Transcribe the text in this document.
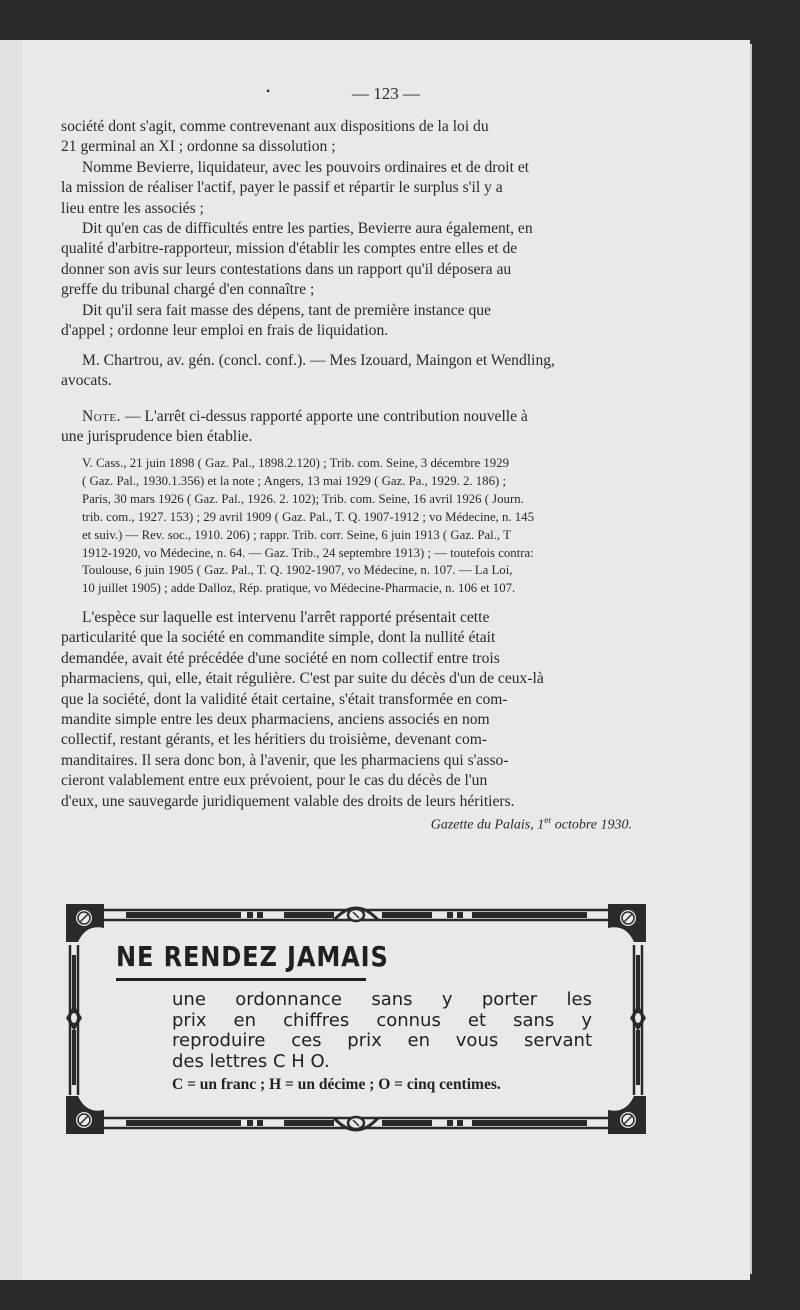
•	— 123 —

société dont s'agit, comme contrevenant aux dispositions de la loi du

21 germinal an XI ; ordonne sa dissolution ;

Nomme Bevierre, liquidateur, avec les pouvoirs ordinaires et de droit et

la mission de réaliser l'actif, payer le passif et répartir le surplus s'il y a

lieu entre les associés ;

Dit qu'en cas de difficultés entre les parties, Bevierre aura également, en

qualité d'arbitre-rapporteur, mission d'établir les comptes entre elles et de

donner son avis sur leurs contestations dans un rapport qu'il déposera au

greffe du tribunal chargé d'en connaître ;

Dit qu'il sera fait masse des dépens, tant de première instance que

d'appel ; ordonne leur emploi en frais de liquidation.

M. Chartrou, av. gén. (concl. conf.). — Mes Izouard, Maingon et Wendling,

avocats.

Note. — L'arrêt ci-dessus rapporté apporte une contribution nouvelle à

une jurisprudence bien établie.

V. Cass., 21 juin 1898 ( Gaz. Pal., 1898.2.120) ; Trib. com. Seine, 3 décembre 1929

( Gaz. Pal., 1930.1.356) et la note ; Angers, 13 mai 1929 ( Gaz. Pa., 1929. 2. 186) ;

Paris, 30 mars 1926 ( Gaz. Pal., 1926. 2. 102); Trib. com. Seine, 16 avril 1926 ( Journ.

trib. com., 1927. 153) ; 29 avril 1909 ( Gaz. Pal., T. Q. 1907-1912 ; vo Médecine, n. 145

et suiv.) — Rev. soc., 1910. 206) ; rappr. Trib. corr. Seine, 6 juin 1913 ( Gaz. Pal., T

1912-1920, vo Médecine, n. 64. — Gaz. Trib., 24 septembre 1913) ; — toutefois contra:

Toulouse, 6 juin 1905 ( Gaz. Pal., T. Q. 1902-1907, vo Médecine, n. 107. — La Loi,

10 juillet 1905) ; adde Dalloz, Rép. pratique, vo Médecine-Pharmacie, n. 106 et 107.

L'espèce sur laquelle est intervenu l'arrêt rapporté présentait cette

particularité que la société en commandite simple, dont la nullité était

demandée, avait été précédée d'une société en nom collectif entre trois

pharmaciens, qui, elle, était régulière. C'est par suite du décès d'un de ceux-là

que la société, dont la validité était certaine, s'était transformée en com-

mandite simple entre les deux pharmaciens, anciens associés en nom

collectif, restant gérants, et les héritiers du troisième, devenant com-

manditaires. Il sera donc bon, à l'avenir, que les pharmaciens qui s'asso-

cieront valablement entre eux prévoient, pour le cas du décès de l'un

d'eux, une sauvegarde juridiquement valable des droits de leurs héritiers.

Gazette du Palais, 1er octobre 1930.
NE RENDEZ JAMAIS
une ordonnance sans y porter les
prix en chiffres connus et sans y
reproduire ces prix en vous servant
des lettres C H O.
C = un franc ; H = un décime ; O = cinq centimes.
